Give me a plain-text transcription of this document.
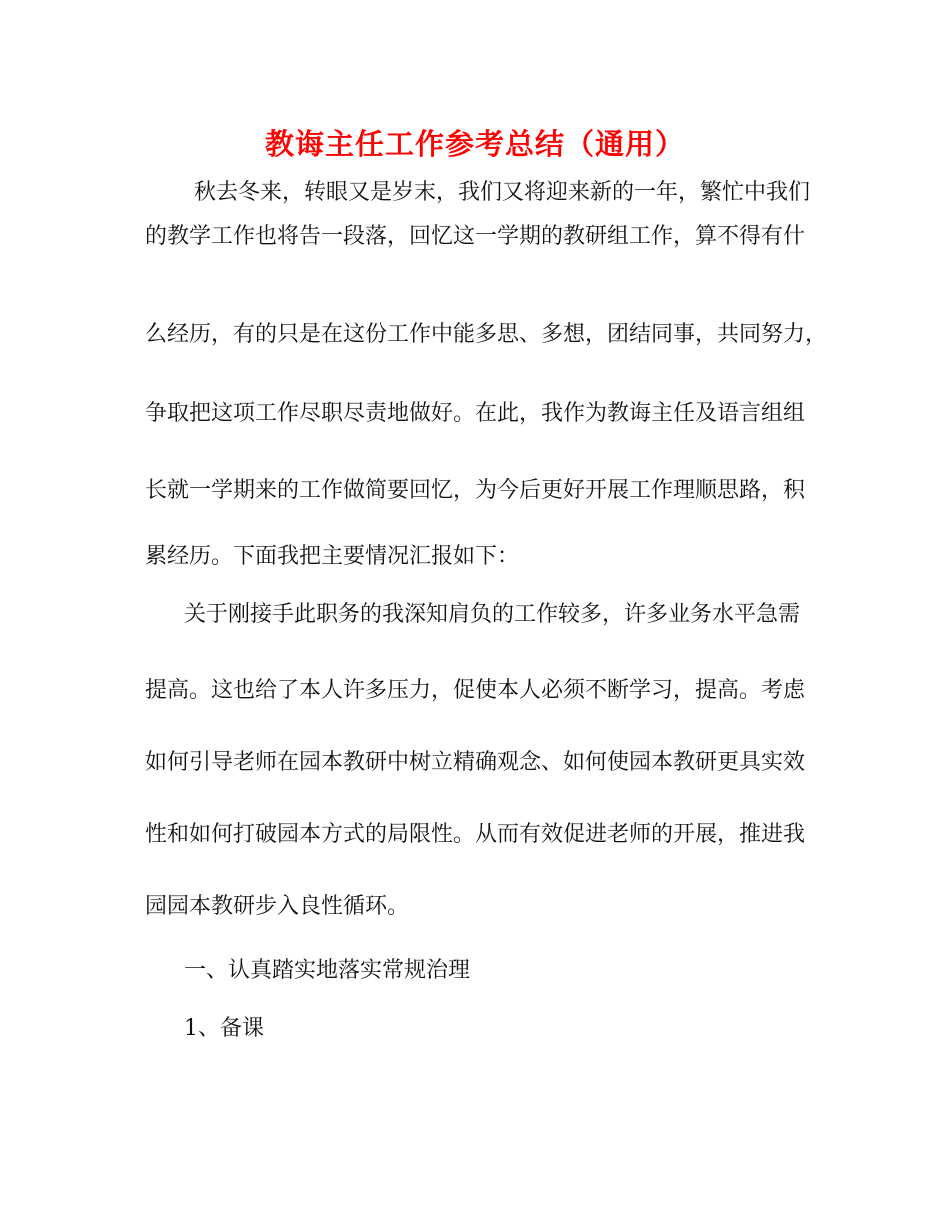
教诲主任工作参考总结（通用）
秋去冬来，转眼又是岁末，我们又将迎来新的一年，繁忙中我们
的教学工作也将告一段落，回忆这一学期的教研组工作，算不得有什
么经历，有的只是在这份工作中能多思、多想，团结同事，共同努力，
争取把这项工作尽职尽责地做好。在此，我作为教诲主任及语言组组
长就一学期来的工作做简要回忆，为今后更好开展工作理顺思路，积
累经历。下面我把主要情况汇报如下：
关于刚接手此职务的我深知肩负的工作较多，许多业务水平急需
提高。这也给了本人许多压力，促使本人必须不断学习，提高。考虑
如何引导老师在园本教研中树立精确观念、如何使园本教研更具实效
性和如何打破园本方式的局限性。从而有效促进老师的开展，推进我
园园本教研步入良性循环。
一、认真踏实地落实常规治理
1、备课
